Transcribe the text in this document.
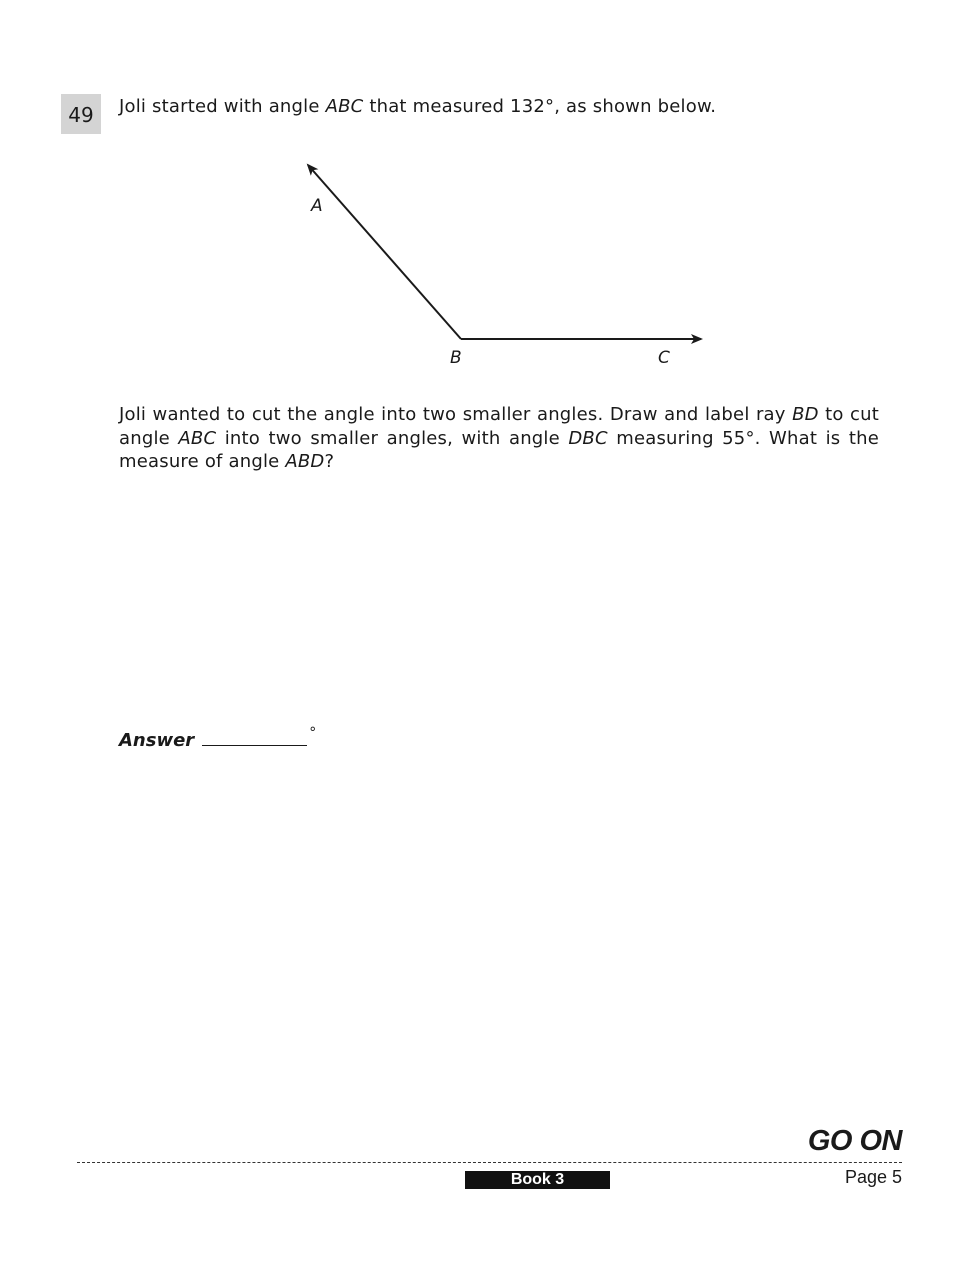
49	Joli started with angle ABC that measured 132°, as shown below.
A
B	C
Joli wanted to cut the angle into two smaller angles. Draw and label ray BD to cut angle ABC into two smaller angles, with angle DBC measuring 55°. What is the measure of angle ABD?
Answer	°
GO ON
Book 3	Page 5
